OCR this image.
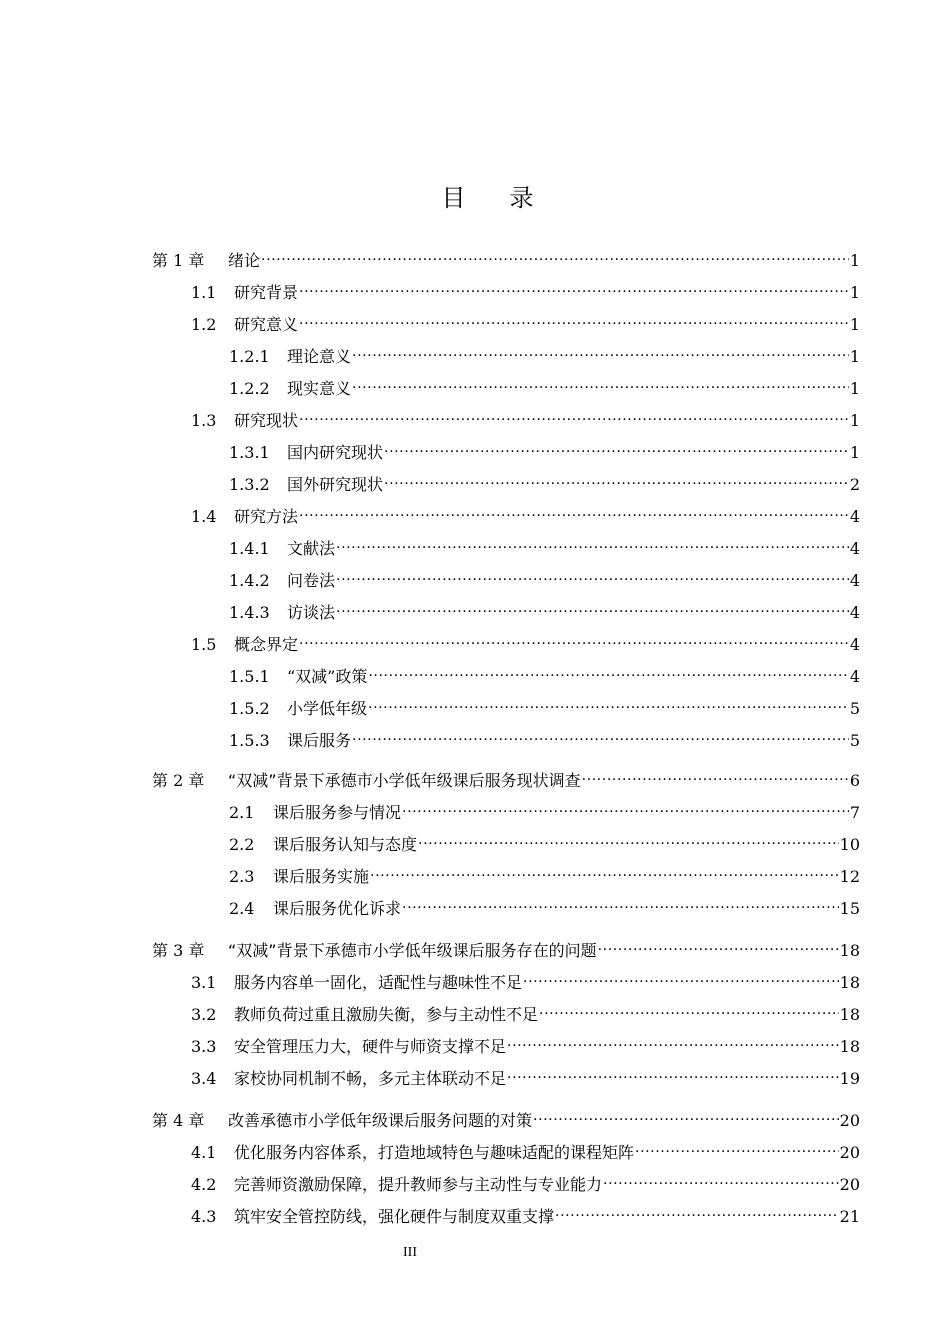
目 录
第 1 章	绪论 .....	1
1.1	研究背景 .....	1
1.2	研究意义 .....	1
1.2.1	理论意义 .....	1
1.2.2	现实意义 .....	1
1.3	研究现状 .....	1
1.3.1	国内研究现状 .....	1
1.3.2	国外研究现状 .....	2
1.4	研究方法 .....	4
1.4.1	文献法 .....	4
1.4.2	问卷法 .....	4
1.4.3	访谈法 .....	4
1.5	概念界定 .....	4
1.5.1	“双减”政策 .....	4
1.5.2	小学低年级 .....	5
1.5.3	课后服务 .....	5
第 2 章	“双减”背景下承德市小学低年级课后服务现状调查 .....	6
2.1	课后服务参与情况 .....	7
2.2	课后服务认知与态度 .....	10
2.3	课后服务实施 .....	12
2.4	课后服务优化诉求 .....	15
第 3 章	“双减”背景下承德市小学低年级课后服务存在的问题 .....	18
3.1	服务内容单一固化，适配性与趣味性不足 .....	18
3.2	教师负荷过重且激励失衡，参与主动性不足 .....	18
3.3	安全管理压力大，硬件与师资支撑不足 .....	18
3.4	家校协同机制不畅，多元主体联动不足 .....	19
第 4 章	改善承德市小学低年级课后服务问题的对策 .....	20
4.1	优化服务内容体系，打造地域特色与趣味适配的课程矩阵 .....	20
4.2	完善师资激励保障，提升教师参与主动性与专业能力 .....	20
4.3	筑牢安全管控防线，强化硬件与制度双重支撑 .....	21
III
